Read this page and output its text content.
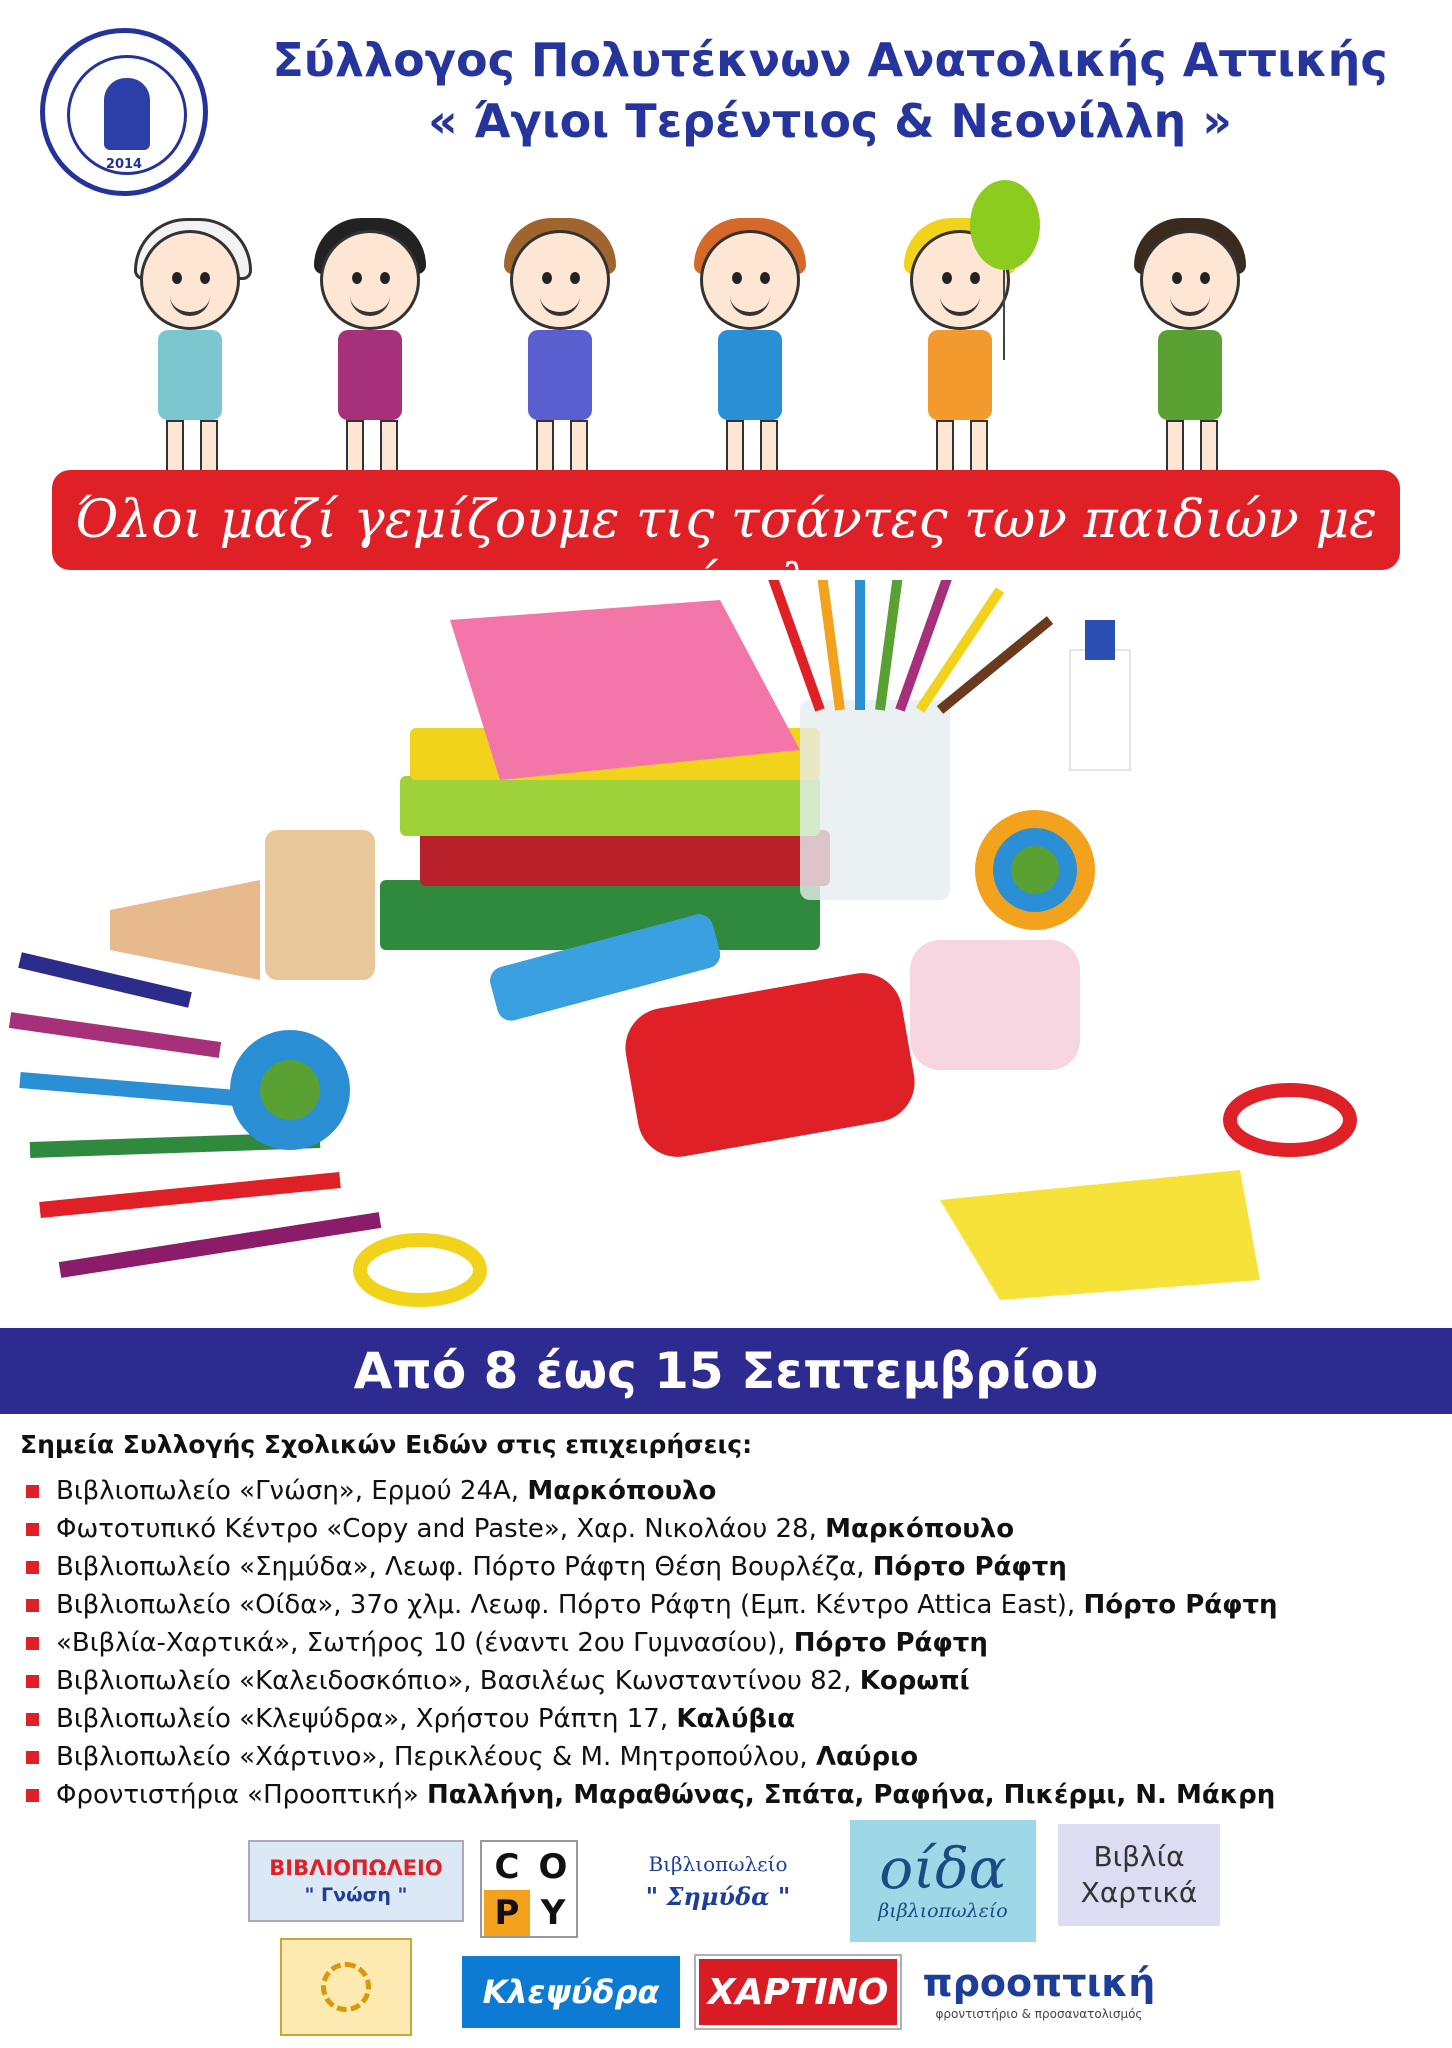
2014
Σύλλογος Πολυτέκνων Ανατολικής Αττικής
« Άγιοι Τερέντιος & Νεονίλλη »
Όλοι μαζί γεμίζουμε τις τσάντες των παιδιών με
Από 8 έως 15 Σεπτεμβρίου
Σημεία Συλλογής Σχολικών Ειδών στις επιχειρήσεις:
Βιβλιοπωλείο «Γνώση», Ερμού 24Α, Μαρκόπουλο
Φωτοτυπικό Κέντρο «Copy and Paste», Χαρ. Νικολάου 28, Μαρκόπουλο
Βιβλιοπωλείο «Σημύδα», Λεωφ. Πόρτο Ράφτη Θέση Βουρλέζα, Πόρτο Ράφτη
Βιβλιοπωλείο «Οίδα», 37ο χλμ. Λεωφ. Πόρτο Ράφτη (Εμπ. Κέντρο Attica East), Πόρτο Ράφτη
«Βιβλία-Χαρτικά», Σωτήρος 10 (έναντι 2ου Γυμνασίου), Πόρτο Ράφτη
Βιβλιοπωλείο «Καλειδοσκόπιο», Βασιλέως Κωνσταντίνου 82, Κορωπί
Βιβλιοπωλείο «Κλεψύδρα», Χρήστου Ράπτη 17, Καλύβια
Βιβλιοπωλείο «Χάρτινο», Περικλέους & Μ. Μητροπούλου, Λαύριο
Φροντιστήρια «Προοπτική» Παλλήνη, Μαραθώνας, Σπάτα, Ραφήνα, Πικέρμι, Ν. Μάκρη
ΒΙΒΛΙΟΠΩΛΕΙΟ
" Γνώση "
C O
P Y
Βιβλιοπωλείο
" Σημύδα " οίδα
βιβλιοπωλείο
Βιβλία
Χαρτικά
Κλεψύδρα	ΧΑΡΤΙΝΟ προοπτική
φροντιστήριο & προσανατολισμός
